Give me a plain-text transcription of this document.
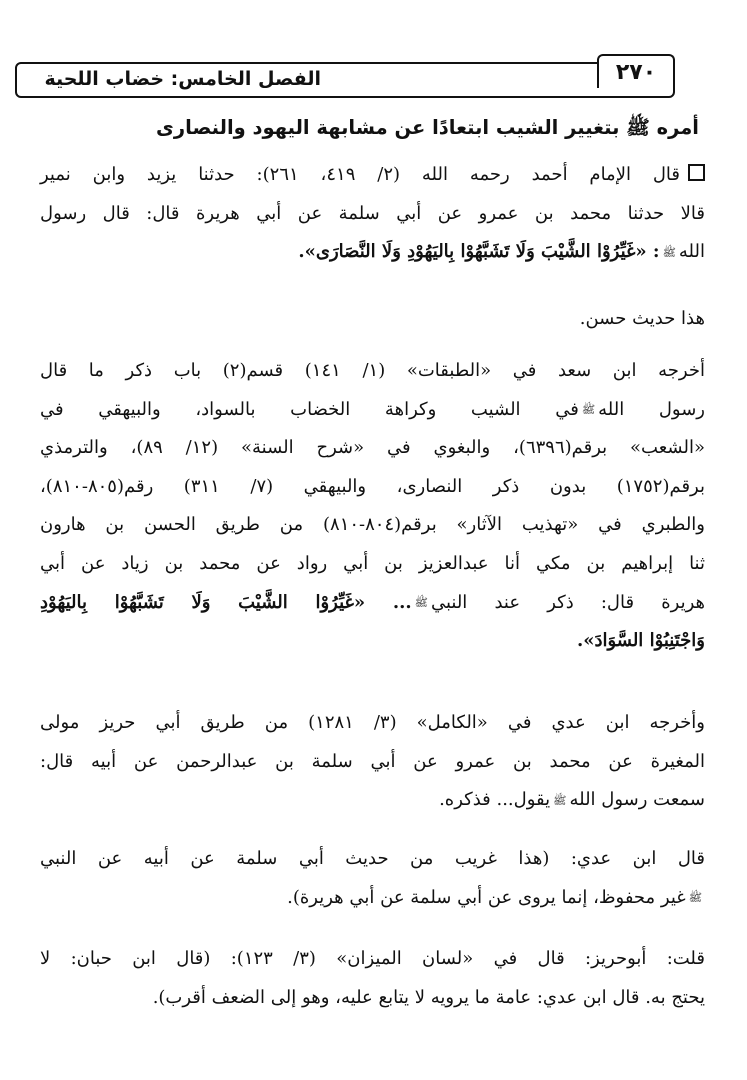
٢٧٠
الفصل الخامس: خضاب اللحية
أمره ﷺ بتغيير الشيب ابتعادًا عن مشابهة اليهود والنصارى
قال الإمام أحمد رحمه الله (٢/ ٤١٩، ٢٦١): حدثنا يزيد وابن نمير
قالا حدثنا محمد بن عمرو عن أبي سلمة عن أبي هريرة قال: قال رسول
اللهﷺ: «غَيِّرُوْا الشَّيْبَ وَلَا تَشَبَّهُوْا بِاليَهُوْدِ وَلَا النَّصَارَى».
هذا حديث حسن.
أخرجه ابن سعد في «الطبقات» (١/ ١٤١) قسم(٢) باب ذكر ما قال
رسول اللهﷺفي الشيب وكراهة الخضاب بالسواد، والبيهقي في
«الشعب» برقم(٦٣٩٦)، والبغوي في «شرح السنة» (١٢/ ٨٩)، والترمذي
برقم(١٧٥٢) بدون ذكر النصارى، والبيهقي (٧/ ٣١١) رقم(٨٠٥-٨١٠)،
والطبري في «تهذيب الآثار» برقم(٨٠٤-٨١٠) من طريق الحسن بن هارون
ثنا إبراهيم بن مكي أنا عبدالعزيز بن أبي رواد عن محمد بن زياد عن أبي
هريرة قال: ذكر عند النبيﷺ... «غَيِّرُوْا الشَّيْبَ وَلَا تَشَبَّهُوْا بِاليَهُوْدِ
وَاجْتَنِبُوْا السَّوَادَ».
وأخرجه ابن عدي في «الكامل» (٣/ ١٢٨١) من طريق أبي حريز مولى
المغيرة عن محمد بن عمرو عن أبي سلمة بن عبدالرحمن عن أبيه قال:
سمعت رسول اللهﷺيقول... فذكره.
قال ابن عدي: (هذا غريب من حديث أبي سلمة عن أبيه عن النبي
ﷺغير محفوظ، إنما يروى عن أبي سلمة عن أبي هريرة).
قلت: أبوحريز: قال في «لسان الميزان» (٣/ ١٢٣): (قال ابن حبان: لا
يحتج به. قال ابن عدي: عامة ما يرويه لا يتابع عليه، وهو إلى الضعف أقرب).
